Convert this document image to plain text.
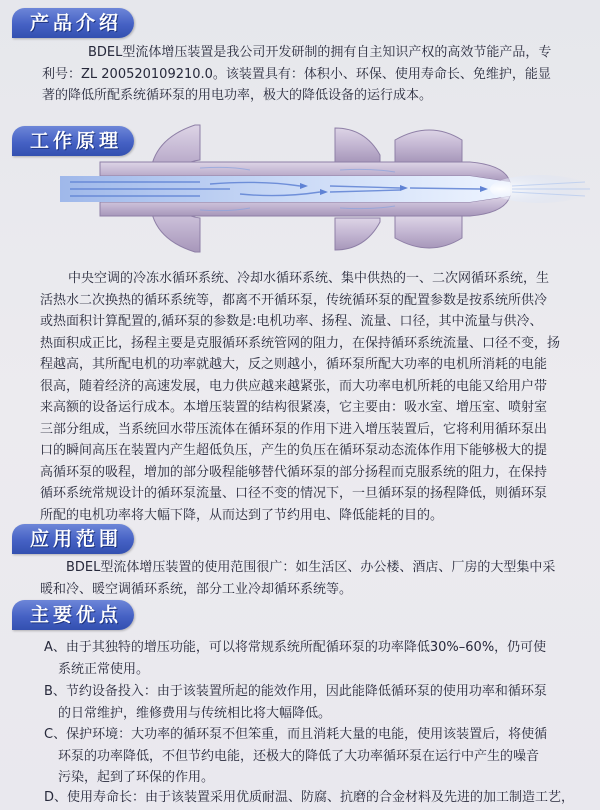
产品介绍
BDEL型流体增压装置是我公司开发研制的拥有自主知识产权的高效节能产品，专
利号：ZL 200520109210.0。该装置具有：体积小、环保、使用寿命长、免维护，能显
著的降低所配系统循环泵的用电功率，极大的降低设备的运行成本。
工作原理
中央空调的冷冻水循环系统、冷却水循环系统、集中供热的一、二次网循环系统，生
活热水二次换热的循环系统等，都离不开循环泵，传统循环泵的配置参数是按系统所供冷
或热面积计算配置的,循环泵的参数是:电机功率、扬程、流量、口径，其中流量与供冷、
热面积成正比，扬程主要是克服循环系统管网的阻力，在保持循环系统流量、口径不变，扬
程越高，其所配电机的功率就越大，反之则越小，循环泵所配大功率的电机所消耗的电能
很高，随着经济的高速发展，电力供应越来越紧张，而大功率电机所耗的电能又给用户带
来高额的设备运行成本。本增压装置的结构很紧凑，它主要由：吸水室、增压室、喷射室
三部分组成，当系统回水带压流体在循环泵的作用下进入增压装置后，它将利用循环泵出
口的瞬间高压在装置内产生超低负压，产生的负压在循环泵动态流体作用下能够极大的提
高循环泵的吸程，增加的部分吸程能够替代循环泵的部分扬程而克服系统的阻力，在保持
循环系统常规设计的循环泵流量、口径不变的情况下，一旦循环泵的扬程降低，则循环泵
所配的电机功率将大幅下降，从而达到了节约用电、降低能耗的目的。
应用范围
BDEL型流体增压装置的使用范围很广：如生活区、办公楼、酒店、厂房的大型集中采
暖和冷、暖空调循环系统，部分工业冷却循环系统等。
主要优点
A、由于其独特的增压功能，可以将常规系统所配循环泵的功率降低30%–60%，仍可使
系统正常使用。
B、节约设备投入：由于该装置所起的能效作用，因此能降低循环泵的使用功率和循环泵
的日常维护，维修费用与传统相比将大幅降低。
C、保护环境：大功率的循环泵不但笨重，而且消耗大量的电能，使用该装置后，将使循
环泵的功率降低，不但节约电能，还极大的降低了大功率循环泵在运行中产生的噪音
污染，起到了环保的作用。
D、使用寿命长：由于该装置采用优质耐温、防腐、抗磨的合金材料及先进的加工制造工艺，
